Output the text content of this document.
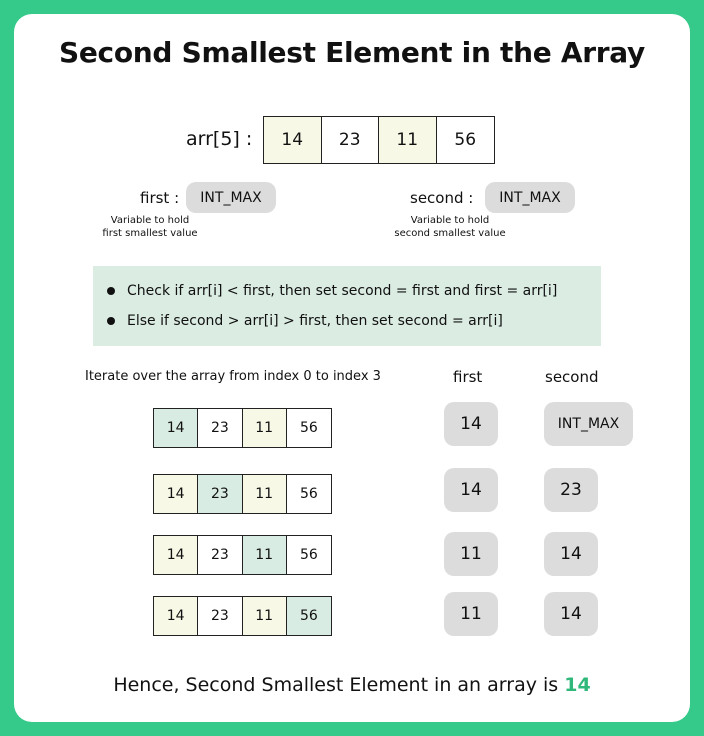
Second Smallest Element in the Array
arr[5] :	14	23	11	56
first :	INT_MAX
Variable to hold
first smallest value
second :	INT_MAX
Variable to hold
second smallest value
Check if arr[i] < first, then set second = first and first = arr[i]
Else if second > arr[i] > first, then set second = arr[i]
Iterate over the array from index 0 to index 3	first	second
14	23	11	56	14	INT_MAX
14	23	11	56	14	23
14	23	11	56	11	14
14	23	11	56	11	14
Hence, Second Smallest Element in an array is 14
